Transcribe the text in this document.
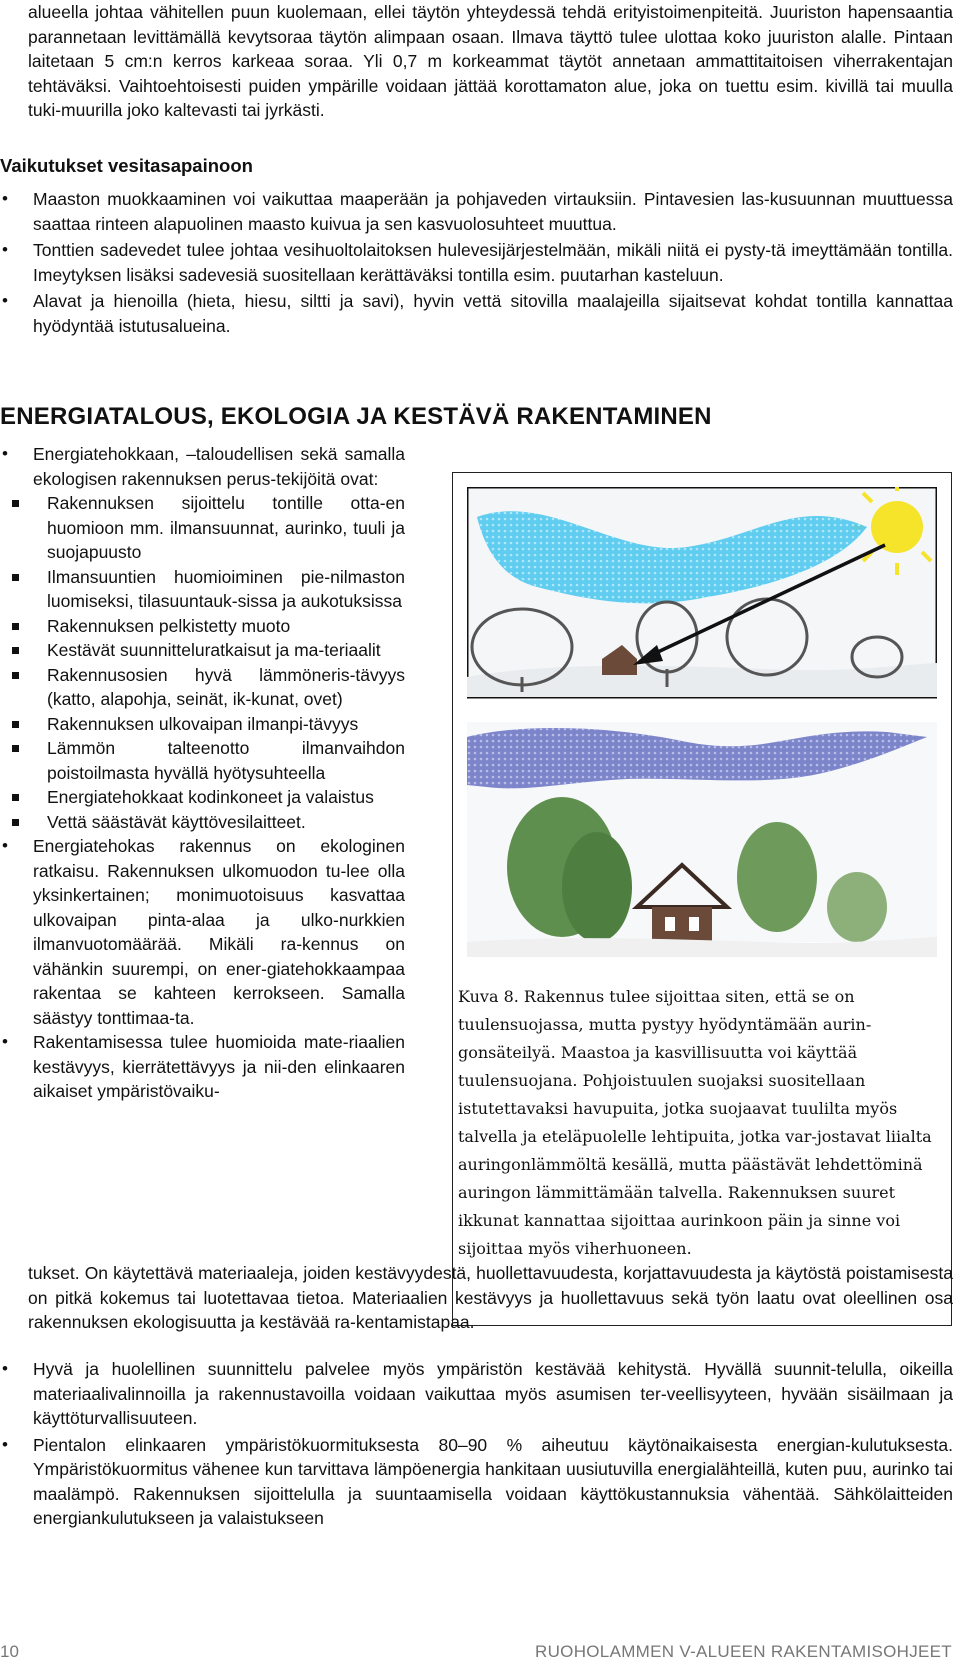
alueella johtaa vähitellen puun kuolemaan, ellei täytön yhteydessä tehdä erityistoimenpiteitä. Juuriston hapensaantia parannetaan levittämällä kevytsoraa täytön alimpaan osaan. Ilmava täyttö tulee ulottaa koko juuriston alalle. Pintaan laitetaan 5 cm:n kerros karkeaa soraa. Yli 0,7 m korkeammat täytöt annetaan ammattitaitoisen viherrakentajan tehtäväksi. Vaihtoehtoisesti puiden ympärille voidaan jättää korottamaton alue, joka on tuettu esim. kivillä tai muulla tuki-muurilla joko kaltevasti tai jyrkästi.
Vaikutukset vesitasapainoon
• Maaston muokkaaminen voi vaikuttaa maaperään ja pohjaveden virtauksiin. Pintavesien las-kusuunnan muuttuessa saattaa rinteen alapuolinen maasto kuivua ja sen kasvuolosuhteet muuttua.
• Tonttien sadevedet tulee johtaa vesihuoltolaitoksen hulevesijärjestelmään, mikäli niitä ei pysty-tä imeyttämään tontilla. Imeytyksen lisäksi sadevesiä suositellaan kerättäväksi tontilla esim. puutarhan kasteluun.
• Alavat ja hienoilla (hieta, hiesu, siltti ja savi), hyvin vettä sitovilla maalajeilla sijaitsevat kohdat tontilla kannattaa hyödyntää istutusalueina.
ENERGIATALOUS, EKOLOGIA JA KESTÄVÄ RAKENTAMINEN
• Energiatehokkaan, –taloudellisen sekä samalla ekologisen rakennuksen perus-tekijöitä ovat:
Rakennuksen sijoittelu tontille otta-en huomioon mm. ilmansuunnat, aurinko, tuuli ja suojapuusto
Ilmansuuntien huomioiminen pie-nilmaston luomiseksi, tilasuuntauk-sissa ja aukotuksissa
Rakennuksen pelkistetty muoto
Kestävät suunnitteluratkaisut ja ma-teriaalit
Rakennusosien hyvä lämmöneris-tävyys (katto, alapohja, seinät, ik-kunat, ovet)
Rakennuksen ulkovaipan ilmanpi-tävyys
Lämmön talteenotto ilmanvaihdon poistoilmasta hyvällä hyötysuhteella
Energiatehokkaat kodinkoneet ja valaistus
Vettä säästävät käyttövesilaitteet.
• Energiatehokas rakennus on ekologinen ratkaisu. Rakennuksen ulkomuodon tu-lee olla yksinkertainen; monimuotoisuus kasvattaa ulkovaipan pinta-alaa ja ulko-nurkkien ilmanvuotomäärää. Mikäli ra-kennus on vähänkin suurempi, on ener-giatehokkaampaa rakentaa se kahteen kerrokseen. Samalla säästyy tonttimaa-ta.
• Rakentamisessa tulee huomioida mate-riaalien kestävyys, kierrätettävyys ja nii-den elinkaaren aikaiset ympäristövaiku-
Kuva 8. Rakennus tulee sijoittaa siten, että se on tuulensuojassa, mutta pystyy hyödyntämään aurin-gonsäteilyä. Maastoa ja kasvillisuutta voi käyttää tuulensuojana. Pohjoistuulen suojaksi suositellaan istutettavaksi havupuita, jotka suojaavat tuulilta myös talvella ja eteläpuolelle lehtipuita, jotka var-jostavat liialta auringonlämmöltä kesällä, mutta päästävät lehdettöminä auringon lämmittämään talvella. Rakennuksen suuret ikkunat kannattaa sijoittaa aurinkoon päin ja sinne voi sijoittaa myös viherhuoneen.
tukset. On käytettävä materiaaleja, joiden kestävyydestä, huollettavuudesta, korjattavuudesta ja käytöstä poistamisesta on pitkä kokemus tai luotettavaa tietoa. Materiaalien kestävyys ja huollettavuus sekä työn laatu ovat oleellinen osa rakennuksen ekologisuutta ja kestävää ra-kentamistapaa.
• Hyvä ja huolellinen suunnittelu palvelee myös ympäristön kestävää kehitystä. Hyvällä suunnit-telulla, oikeilla materiaalivalinnoilla ja rakennustavoilla voidaan vaikuttaa myös asumisen ter-veellisyyteen, hyvään sisäilmaan ja käyttöturvallisuuteen.
• Pientalon elinkaaren ympäristökuormituksesta 80–90 % aiheutuu käytönaikaisesta energian-kulutuksesta. Ympäristökuormitus vähenee kun tarvittava lämpöenergia hankitaan uusiutuvilla energialähteillä, kuten puu, aurinko tai maalämpö. Rakennuksen sijoittelulla ja suuntaamisella voidaan käyttökustannuksia vähentää. Sähkölaitteiden energiankulutukseen ja valaistukseen
10	RUOHOLAMMEN V-ALUEEN RAKENTAMISOHJEET
